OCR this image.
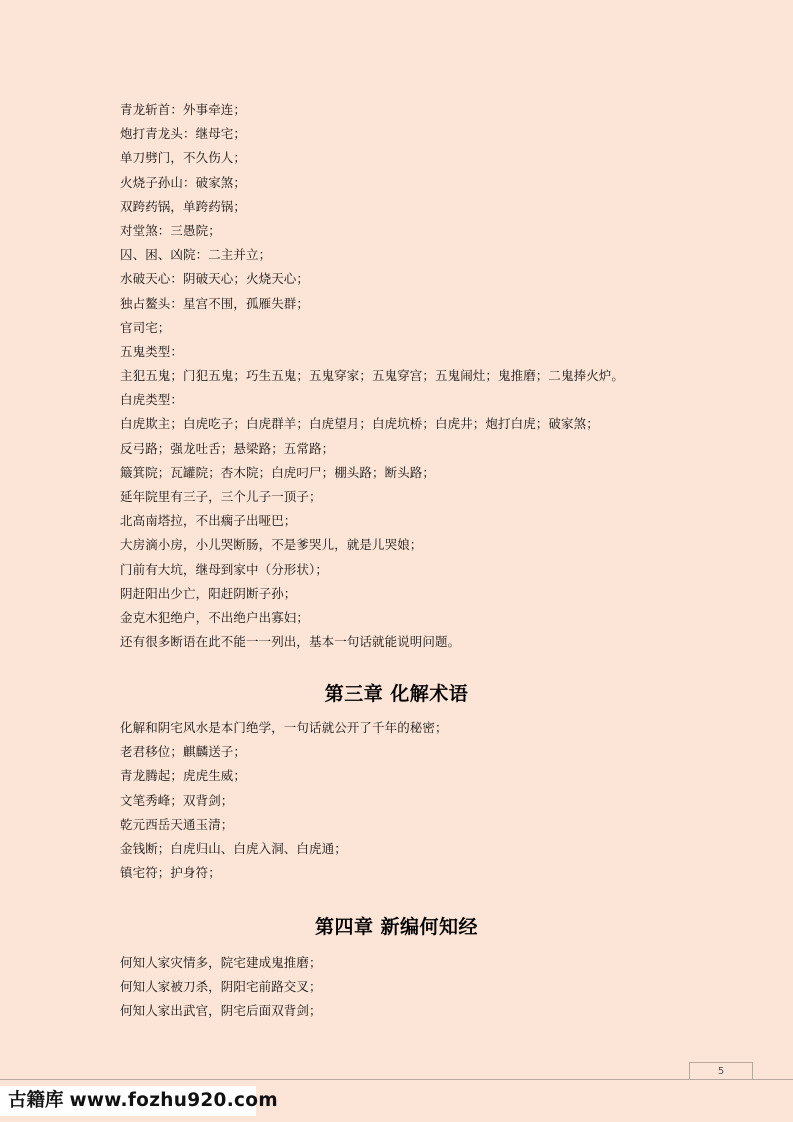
青龙斩首：外事牵连；
炮打青龙头：继母宅；
单刀劈门，不久伤人；
火烧子孙山：破家煞；
双跨药锅，单跨药锅；
对堂煞：三愚院；
囚、困、凶院：二主并立；
水破天心：阴破天心；火烧天心；
独占鳌头：星宫不围，孤雁失群；
官司宅；
五鬼类型：
主犯五鬼；门犯五鬼；巧生五鬼；五鬼穿家；五鬼穿宫；五鬼闹灶；鬼推磨；二鬼捧火炉。
白虎类型：
白虎欺主；白虎吃子；白虎群羊；白虎望月；白虎坑桥；白虎井；炮打白虎；破家煞；
反弓路；强龙吐舌；悬梁路；五常路；
簸箕院；瓦罐院；杏木院；白虎叼尸；棚头路；断头路；
延年院里有三子，三个儿子一顶子；
北高南塔拉，不出瘸子出哑巴；
大房滴小房，小儿哭断肠，不是爹哭儿，就是儿哭娘；
门前有大坑，继母到家中（分形状）；
阴赶阳出少亡，阳赶阴断子孙；
金克木犯绝户，不出绝户出寡妇；
还有很多断语在此不能一一列出，基本一句话就能说明问题。
第三章 化解术语
化解和阴宅风水是本门绝学，一句话就公开了千年的秘密；
老君移位；麒麟送子；
青龙腾起；虎虎生威；
文笔秀峰；双背剑；
乾元西岳天通玉清；
金钱断；白虎归山、白虎入洞、白虎通；
镇宅符；护身符；
第四章 新编何知经
何知人家灾情多，院宅建成鬼推磨；
何知人家被刀杀，阴阳宅前路交叉；
何知人家出武官，阴宅后面双背剑；
5
古籍库 www.fozhu920.com
